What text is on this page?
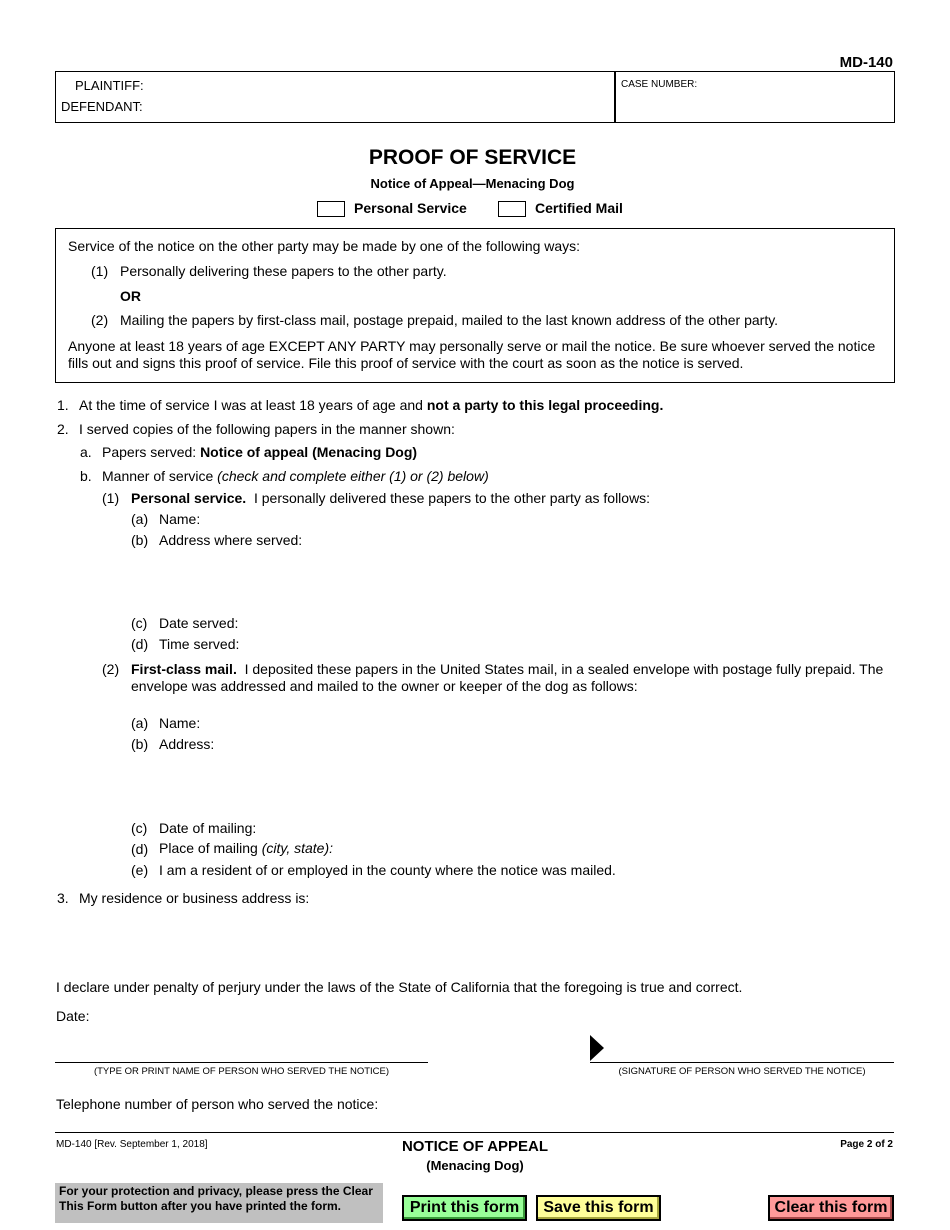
MD-140
PLAINTIFF:
DEFENDANT:
CASE NUMBER:
PROOF OF SERVICE
Notice of Appeal—Menacing Dog
Personal Service	Certified Mail
Service of the notice on the other party may be made by one of the following ways:
(1) Personally delivering these papers to the other party.
OR
(2) Mailing the papers by first-class mail, postage prepaid, mailed to the last known address of the other party.
Anyone at least 18 years of age EXCEPT ANY PARTY may personally serve or mail the notice. Be sure whoever served the notice fills out and signs this proof of service. File this proof of service with the court as soon as the notice is served.
1. At the time of service I was at least 18 years of age and not a party to this legal proceeding.
2. I served copies of the following papers in the manner shown:
a. Papers served: Notice of appeal (Menacing Dog)
b. Manner of service (check and complete either (1) or (2) below)
(1) Personal service.  I personally delivered these papers to the other party as follows:
(a) Name:
(b) Address where served:
(c) Date served:
(d) Time served:
(2) First-class mail.  I deposited these papers in the United States mail, in a sealed envelope with postage fully prepaid. The
envelope was addressed and mailed to the owner or keeper of the dog as follows:
(a) Name:
(b) Address:
(c) Date of mailing:
(d) Place of mailing (city, state):
(e) I am a resident of or employed in the county where the notice was mailed.
3. My residence or business address is:
I declare under penalty of perjury under the laws of the State of California that the foregoing is true and correct.
Date:
(TYPE OR PRINT NAME OF PERSON WHO SERVED THE NOTICE)	(SIGNATURE OF PERSON WHO SERVED THE NOTICE)
Telephone number of person who served the notice:
MD-140 [Rev. September 1, 2018]	NOTICE OF APPEAL
(Menacing Dog)
Page 2 of 2
For your protection and privacy, please press the Clear This Form button after you have printed the form.	Print this form	Save this form	Clear this form
